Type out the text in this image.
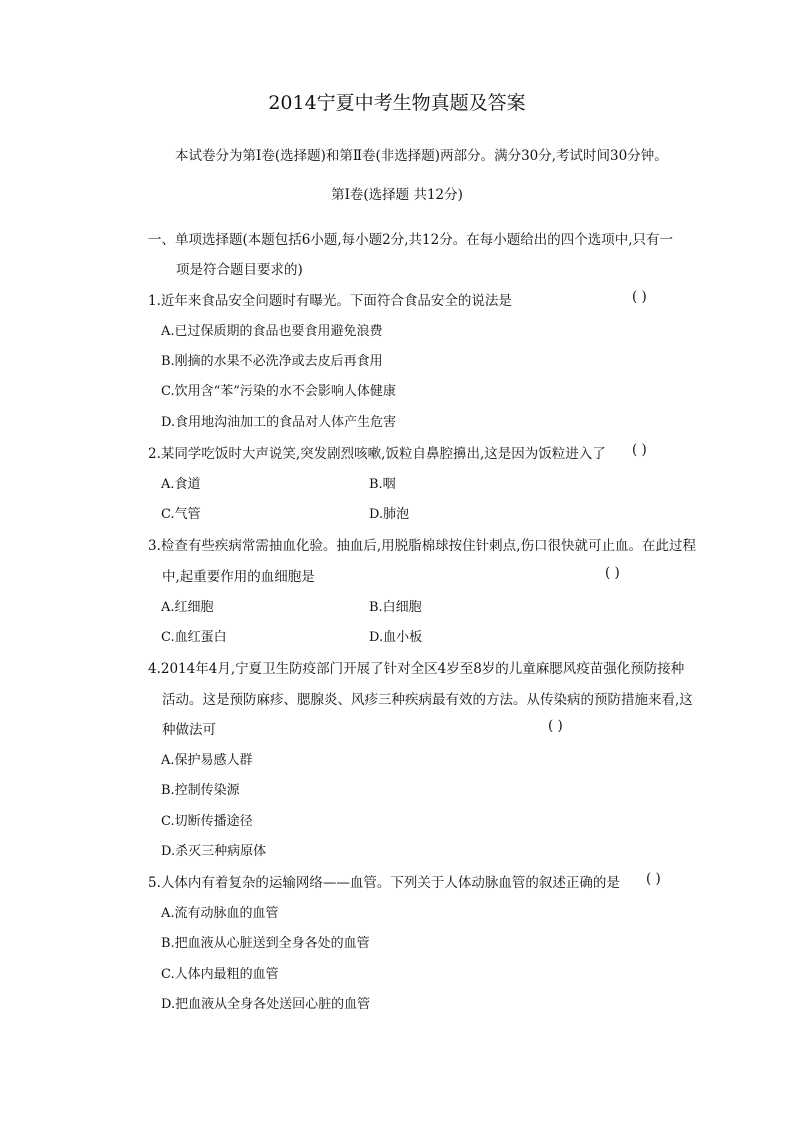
2014宁夏中考生物真题及答案
本试卷分为第Ⅰ卷(选择题)和第Ⅱ卷(非选择题)两部分。满分30分,考试时间30分钟。
第Ⅰ卷(选择题 共12分)
一、单项选择题(本题包括6小题,每小题2分,共12分。在每小题给出的四个选项中,只有一
项是符合题目要求的)
1.近年来食品安全问题时有曝光。下面符合食品安全的说法是	( )
A.已过保质期的食品也要食用避免浪费
B.刚摘的水果不必洗净或去皮后再食用
C.饮用含“苯”污染的水不会影响人体健康
D.食用地沟油加工的食品对人体产生危害
2.某同学吃饭时大声说笑,突发剧烈咳嗽,饭粒自鼻腔擤出,这是因为饭粒进入了 ( )
A.食道	B.咽
C.气管	D.肺泡
3.检查有些疾病常需抽血化验。抽血后,用脱脂棉球按住针刺点,伤口很快就可止血。在此过程
中,起重要作用的血细胞是	( )
A.红细胞	B.白细胞
C.血红蛋白	D.血小板
4.2014年4月,宁夏卫生防疫部门开展了针对全区4岁至8岁的儿童麻腮风疫苗强化预防接种
活动。这是预防麻疹、腮腺炎、风疹三种疾病最有效的方法。从传染病的预防措施来看,这
种做法可	( )
A.保护易感人群
B.控制传染源
C.切断传播途径
D.杀灭三种病原体
5.人体内有着复杂的运输网络——血管。下列关于人体动脉血管的叙述正确的是 ( )
A.流有动脉血的血管
B.把血液从心脏送到全身各处的血管
C.人体内最粗的血管
D.把血液从全身各处送回心脏的血管
